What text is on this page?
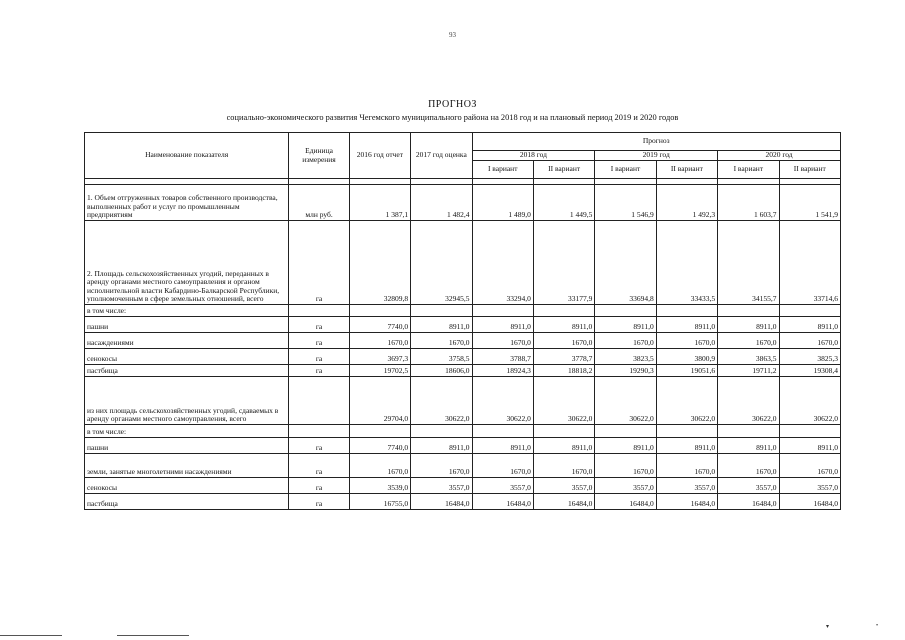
93
ПРОГНОЗ
социально-экономического развития Чегемского муниципального района на 2018 год и на плановый период 2019 и 2020 годов
Наименование показателя	Единица измерения	2016 год отчет	2017 год оценка	Прогноз					
				2018 год		2019 год		2020 год	
				I вариант	II вариант	I вариант	II вариант	I вариант	II вариант

1. Объем отгруженных товаров собственного производства, выполненных работ и услуг по промышленным предприятиям	млн руб.	1 387,1	1 482,4	1 489,0	1 449,5	1 546,9	1 492,3	1 603,7	1 541,9
2. Площадь сельскохозяйственных угодий, переданных в аренду органами местного самоуправления и органом исполнительной власти Кабардино-Балкарской Республики, уполномоченным в сфере земельных отношений, всего	га	32809,8	32945,5	33294,0	33177,9	33694,8	33433,5	34155,7	33714,6
в том числе:									
пашни	га	7740,0	8911,0	8911,0	8911,0	8911,0	8911,0	8911,0	8911,0
насаждениями	га	1670,0	1670,0	1670,0	1670,0	1670,0	1670,0	1670,0	1670,0
сенокосы	га	3697,3	3758,5	3788,7	3778,7	3823,5	3800,9	3863,5	3825,3
пастбища	га	19702,5	18606,0	18924,3	18818,2	19290,3	19051,6	19711,2	19308,4
из них площадь сельскохозяйственных угодий, сдаваемых в аренду органами местного самоуправления, всего		29704,0	30622,0	30622,0	30622,0	30622,0	30622,0	30622,0	30622,0
в том числе:									
пашни	га	7740,0	8911,0	8911,0	8911,0	8911,0	8911,0	8911,0	8911,0
земли, занятые многолетними насаждениями	га	1670,0	1670,0	1670,0	1670,0	1670,0	1670,0	1670,0	1670,0
сенокосы	га	3539,0	3557,0	3557,0	3557,0	3557,0	3557,0	3557,0	3557,0
пастбища	га	16755,0	16484,0	16484,0	16484,0	16484,0	16484,0	16484,0	16484,0
▾	•
